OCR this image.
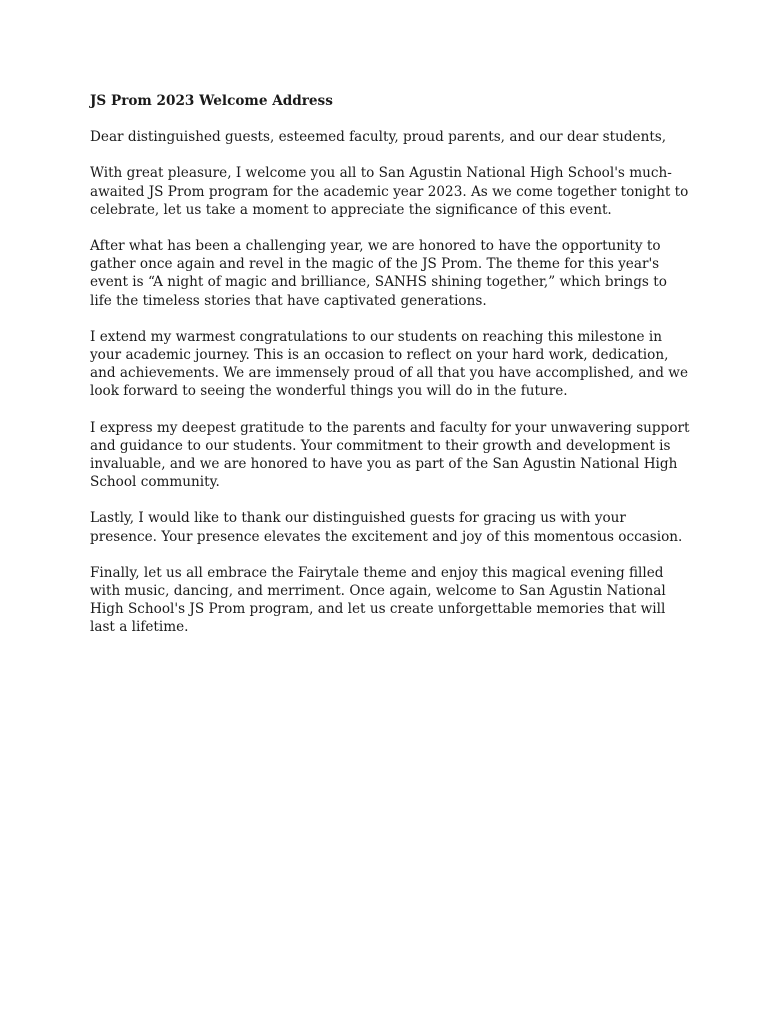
JS Prom 2023 Welcome Address

Dear distinguished guests, esteemed faculty, proud parents, and our dear students,

With great pleasure, I welcome you all to San Agustin National High School's much-awaited JS Prom program for the academic year 2023. As we come together tonight to celebrate, let us take a moment to appreciate the significance of this event.

After what has been a challenging year, we are honored to have the opportunity to gather once again and revel in the magic of the JS Prom. The theme for this year's event is “A night of magic and brilliance, SANHS shining together,” which brings to life the timeless stories that have captivated generations.

I extend my warmest congratulations to our students on reaching this milestone in your academic journey. This is an occasion to reflect on your hard work, dedication, and achievements. We are immensely proud of all that you have accomplished, and we look forward to seeing the wonderful things you will do in the future.

I express my deepest gratitude to the parents and faculty for your unwavering support and guidance to our students. Your commitment to their growth and development is invaluable, and we are honored to have you as part of the San Agustin National High School community.

Lastly, I would like to thank our distinguished guests for gracing us with your presence. Your presence elevates the excitement and joy of this momentous occasion.

Finally, let us all embrace the Fairytale theme and enjoy this magical evening filled with music, dancing, and merriment. Once again, welcome to San Agustin National High School's JS Prom program, and let us create unforgettable memories that will last a lifetime.
